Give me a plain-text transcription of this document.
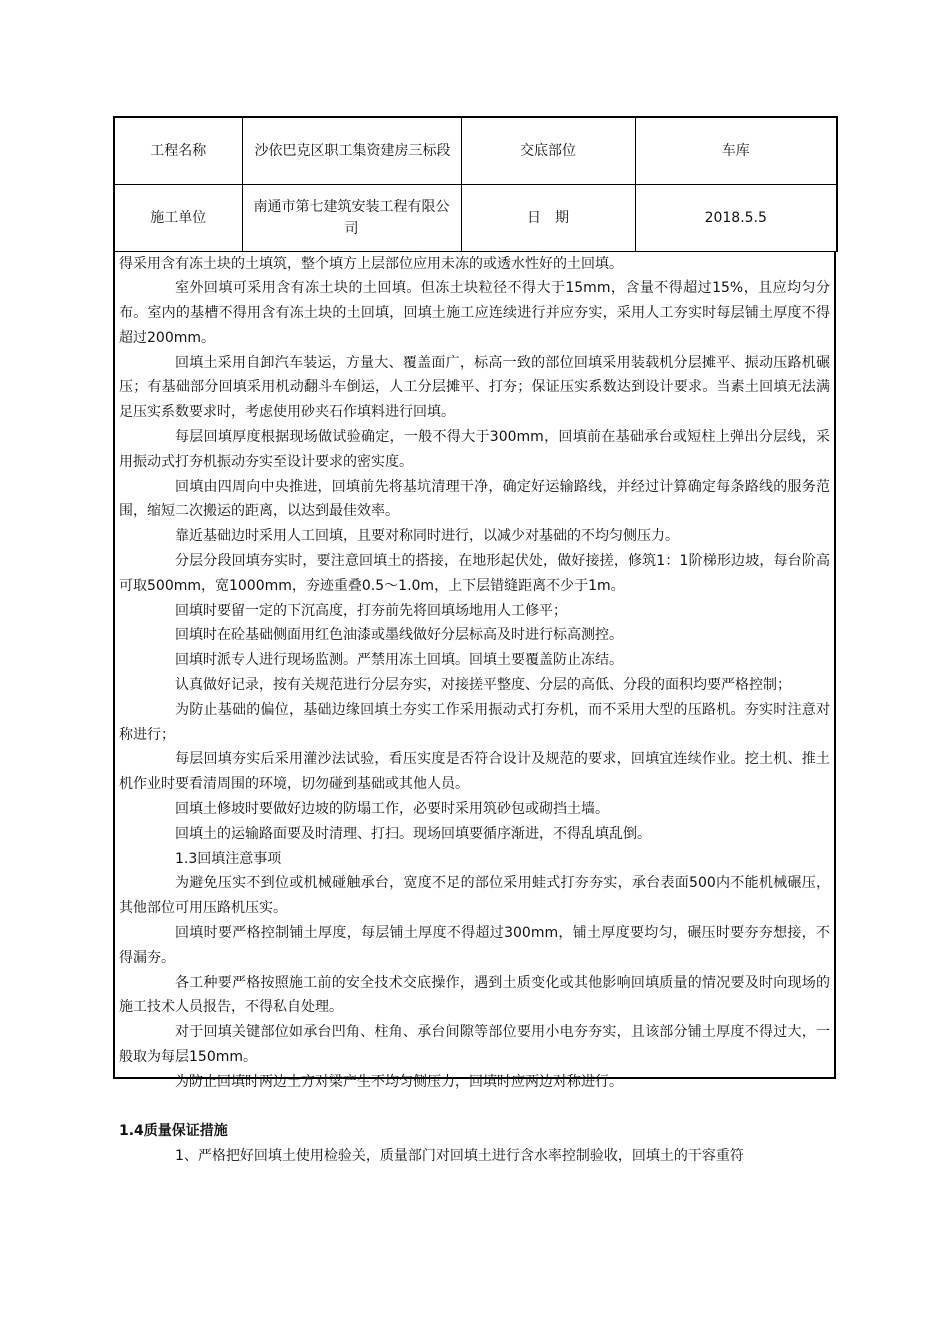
工程名称	沙依巴克区职工集资建房三标段	交底部位	车库
施工单位	南通市第七建筑安装工程有限公司	日　期	2018.5.5

得采用含有冻土块的土填筑，整个填方上层部位应用未冻的或透水性好的土回填。

室外回填可采用含有冻土块的土回填。但冻土块粒径不得大于15mm，含量不得超过15%，且应均匀分布。室内的基槽不得用含有冻土块的土回填，回填土施工应连续进行并应夯实，采用人工夯实时每层铺土厚度不得超过200mm。

回填土采用自卸汽车装运，方量大、覆盖面广，标高一致的部位回填采用装载机分层摊平、振动压路机碾压；有基础部分回填采用机动翻斗车倒运，人工分层摊平、打夯；保证压实系数达到设计要求。当素土回填无法满足压实系数要求时，考虑使用砂夹石作填料进行回填。

每层回填厚度根据现场做试验确定，一般不得大于300mm，回填前在基础承台或短柱上弹出分层线，采用振动式打夯机振动夯实至设计要求的密实度。

回填由四周向中央推进，回填前先将基坑清理干净，确定好运输路线，并经过计算确定每条路线的服务范围，缩短二次搬运的距离，以达到最佳效率。

靠近基础边时采用人工回填，且要对称同时进行，以减少对基础的不均匀侧压力。

分层分段回填夯实时，要注意回填土的搭接，在地形起伏处，做好接搓，修筑1：1阶梯形边坡，每台阶高可取500mm，宽1000mm，夯迹重叠0.5～1.0m，上下层错缝距离不少于1m。

回填时要留一定的下沉高度，打夯前先将回填场地用人工修平；

回填时在砼基础侧面用红色油漆或墨线做好分层标高及时进行标高测控。

回填时派专人进行现场监测。严禁用冻土回填。回填土要覆盖防止冻结。

认真做好记录，按有关规范进行分层夯实，对接搓平整度、分层的高低、分段的面积均要严格控制；

为防止基础的偏位，基础边缘回填土夯实工作采用振动式打夯机，而不采用大型的压路机。夯实时注意对称进行；

每层回填夯实后采用灌沙法试验，看压实度是否符合设计及规范的要求，回填宜连续作业。挖土机、推土机作业时要看清周围的环境，切勿碰到基础或其他人员。

回填土修坡时要做好边坡的防塌工作，必要时采用筑砂包或砌挡土墙。

回填土的运输路面要及时清理、打扫。现场回填要循序渐进，不得乱填乱倒。

1.3回填注意事项

为避免压实不到位或机械碰触承台，宽度不足的部位采用蛙式打夯夯实，承台表面500内不能机械碾压，其他部位可用压路机压实。

回填时要严格控制铺土厚度，每层铺土厚度不得超过300mm，铺土厚度要均匀，碾压时要夯夯想接，不得漏夯。

各工种要严格按照施工前的安全技术交底操作，遇到土质变化或其他影响回填质量的情况要及时向现场的施工技术人员报告，不得私自处理。

对于回填关键部位如承台凹角、柱角、承台间隙等部位要用小电夯夯实，且该部分铺土厚度不得过大，一般取为每层150mm。

为防止回填时两边土方对梁产生不均匀侧压力，回填时应两边对称进行。

1.4质量保证措施

1、严格把好回填土使用检验关，质量部门对回填土进行含水率控制验收，回填土的干容重符
